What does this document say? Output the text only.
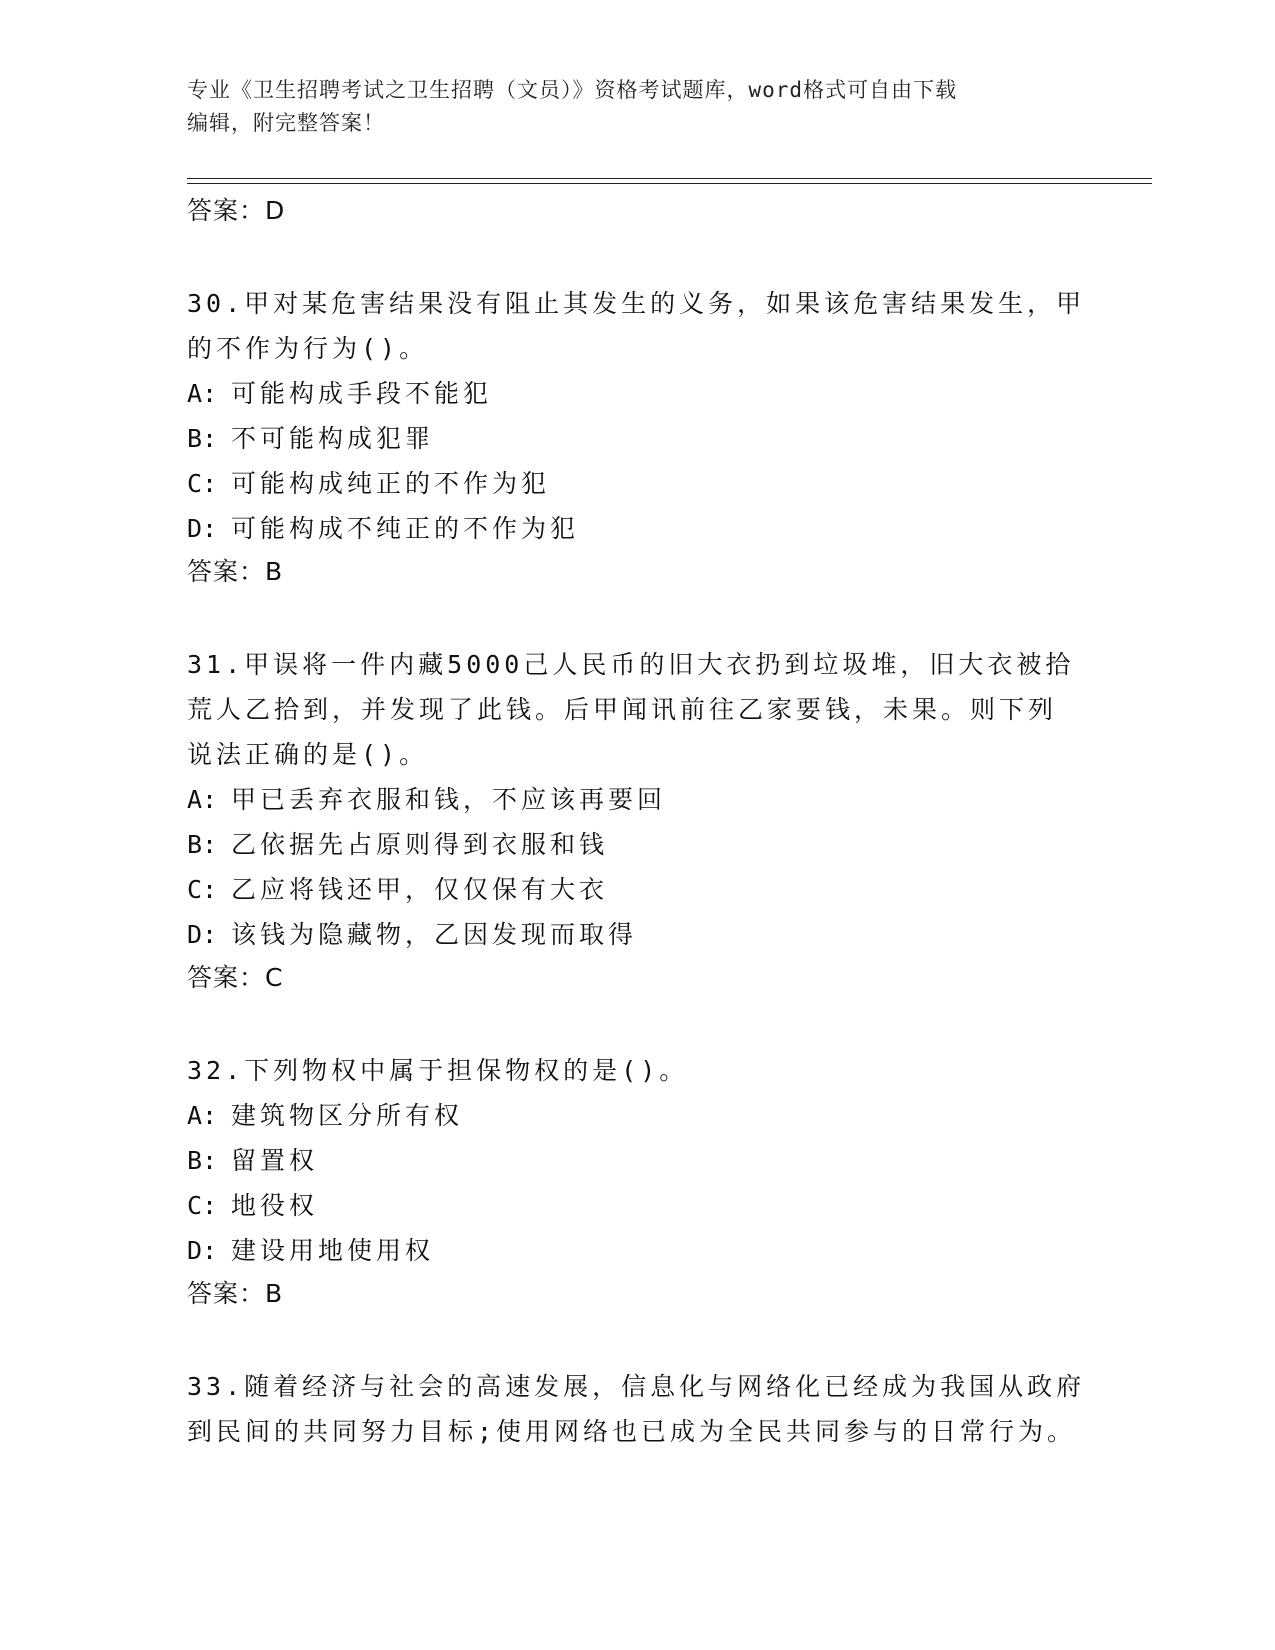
专业《卫生招聘考试之卫生招聘（文员）》资格考试题库，word格式可自由下载
编辑，附完整答案！
答案：D
30.甲对某危害结果没有阻止其发生的义务，如果该危害结果发生，甲
的不作为行为()。
A: 可能构成手段不能犯
B: 不可能构成犯罪
C: 可能构成纯正的不作为犯
D: 可能构成不纯正的不作为犯
答案：B
31.甲误将一件内藏5000己人民币的旧大衣扔到垃圾堆，旧大衣被拾
荒人乙拾到，并发现了此钱。后甲闻讯前往乙家要钱，未果。则下列
说法正确的是()。
A: 甲已丢弃衣服和钱，不应该再要回
B: 乙依据先占原则得到衣服和钱
C: 乙应将钱还甲，仅仅保有大衣
D: 该钱为隐藏物，乙因发现而取得
答案：C
32.下列物权中属于担保物权的是()。
A: 建筑物区分所有权
B: 留置权
C: 地役权
D: 建设用地使用权
答案：B
33.随着经济与社会的高速发展，信息化与网络化已经成为我国从政府
到民间的共同努力目标;使用网络也已成为全民共同参与的日常行为。
